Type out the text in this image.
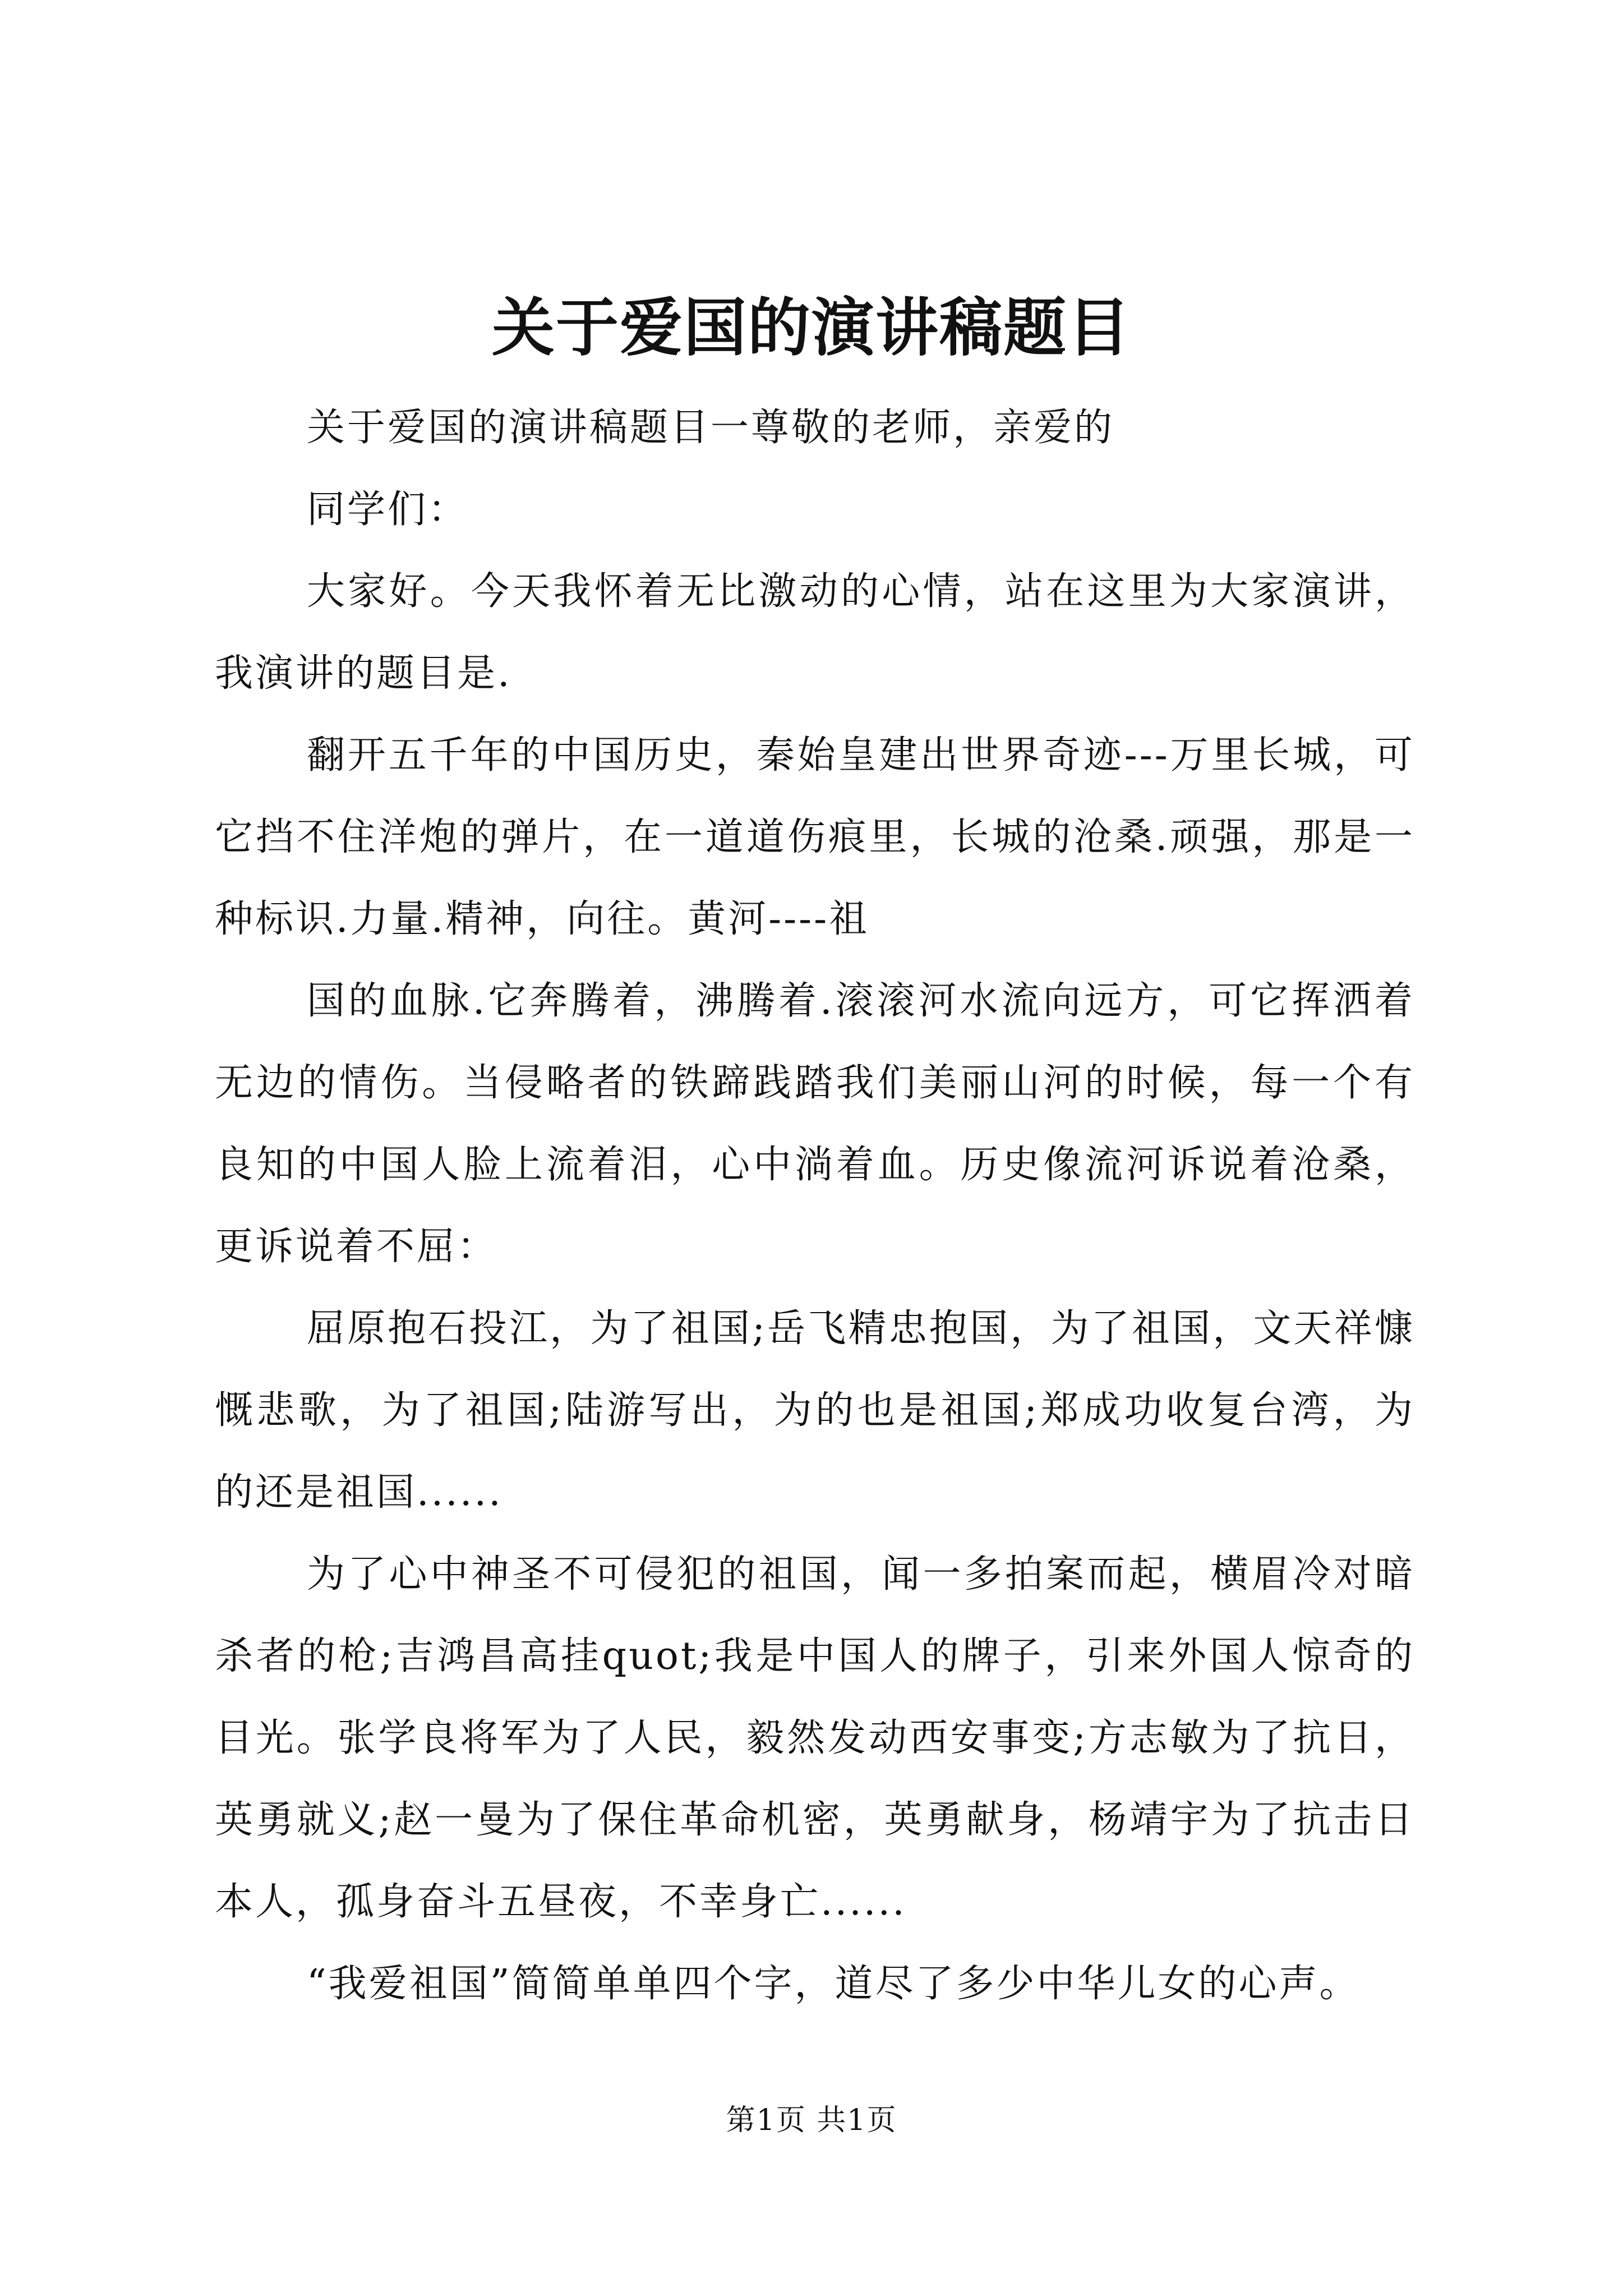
关于爱国的演讲稿题目

关于爱国的演讲稿题目一尊敬的老师，亲爱的

同学们：

大家好。今天我怀着无比激动的心情，站在这里为大家演讲，我演讲的题目是.

翻开五千年的中国历史，秦始皇建出世界奇迹---万里长城，可它挡不住洋炮的弹片，在一道道伤痕里，长城的沧桑.顽强，那是一种标识.力量.精神，向往。黄河----祖

国的血脉.它奔腾着，沸腾着.滚滚河水流向远方，可它挥洒着无边的情伤。当侵略者的铁蹄践踏我们美丽山河的时候，每一个有良知的中国人脸上流着泪，心中淌着血。历史像流河诉说着沧桑，更诉说着不屈：

屈原抱石投江，为了祖国;岳飞精忠抱国，为了祖国，文天祥慷慨悲歌，为了祖国;陆游写出，为的也是祖国;郑成功收复台湾，为的还是祖国......

为了心中神圣不可侵犯的祖国，闻一多拍案而起，横眉冷对暗杀者的枪;吉鸿昌高挂quot;我是中国人的牌子，引来外国人惊奇的目光。张学良将军为了人民，毅然发动西安事变;方志敏为了抗日，英勇就义;赵一曼为了保住革命机密，英勇献身，杨靖宇为了抗击日本人，孤身奋斗五昼夜，不幸身亡......

“我爱祖国”简简单单四个字，道尽了多少中华儿女的心声。

第1页 共1页
